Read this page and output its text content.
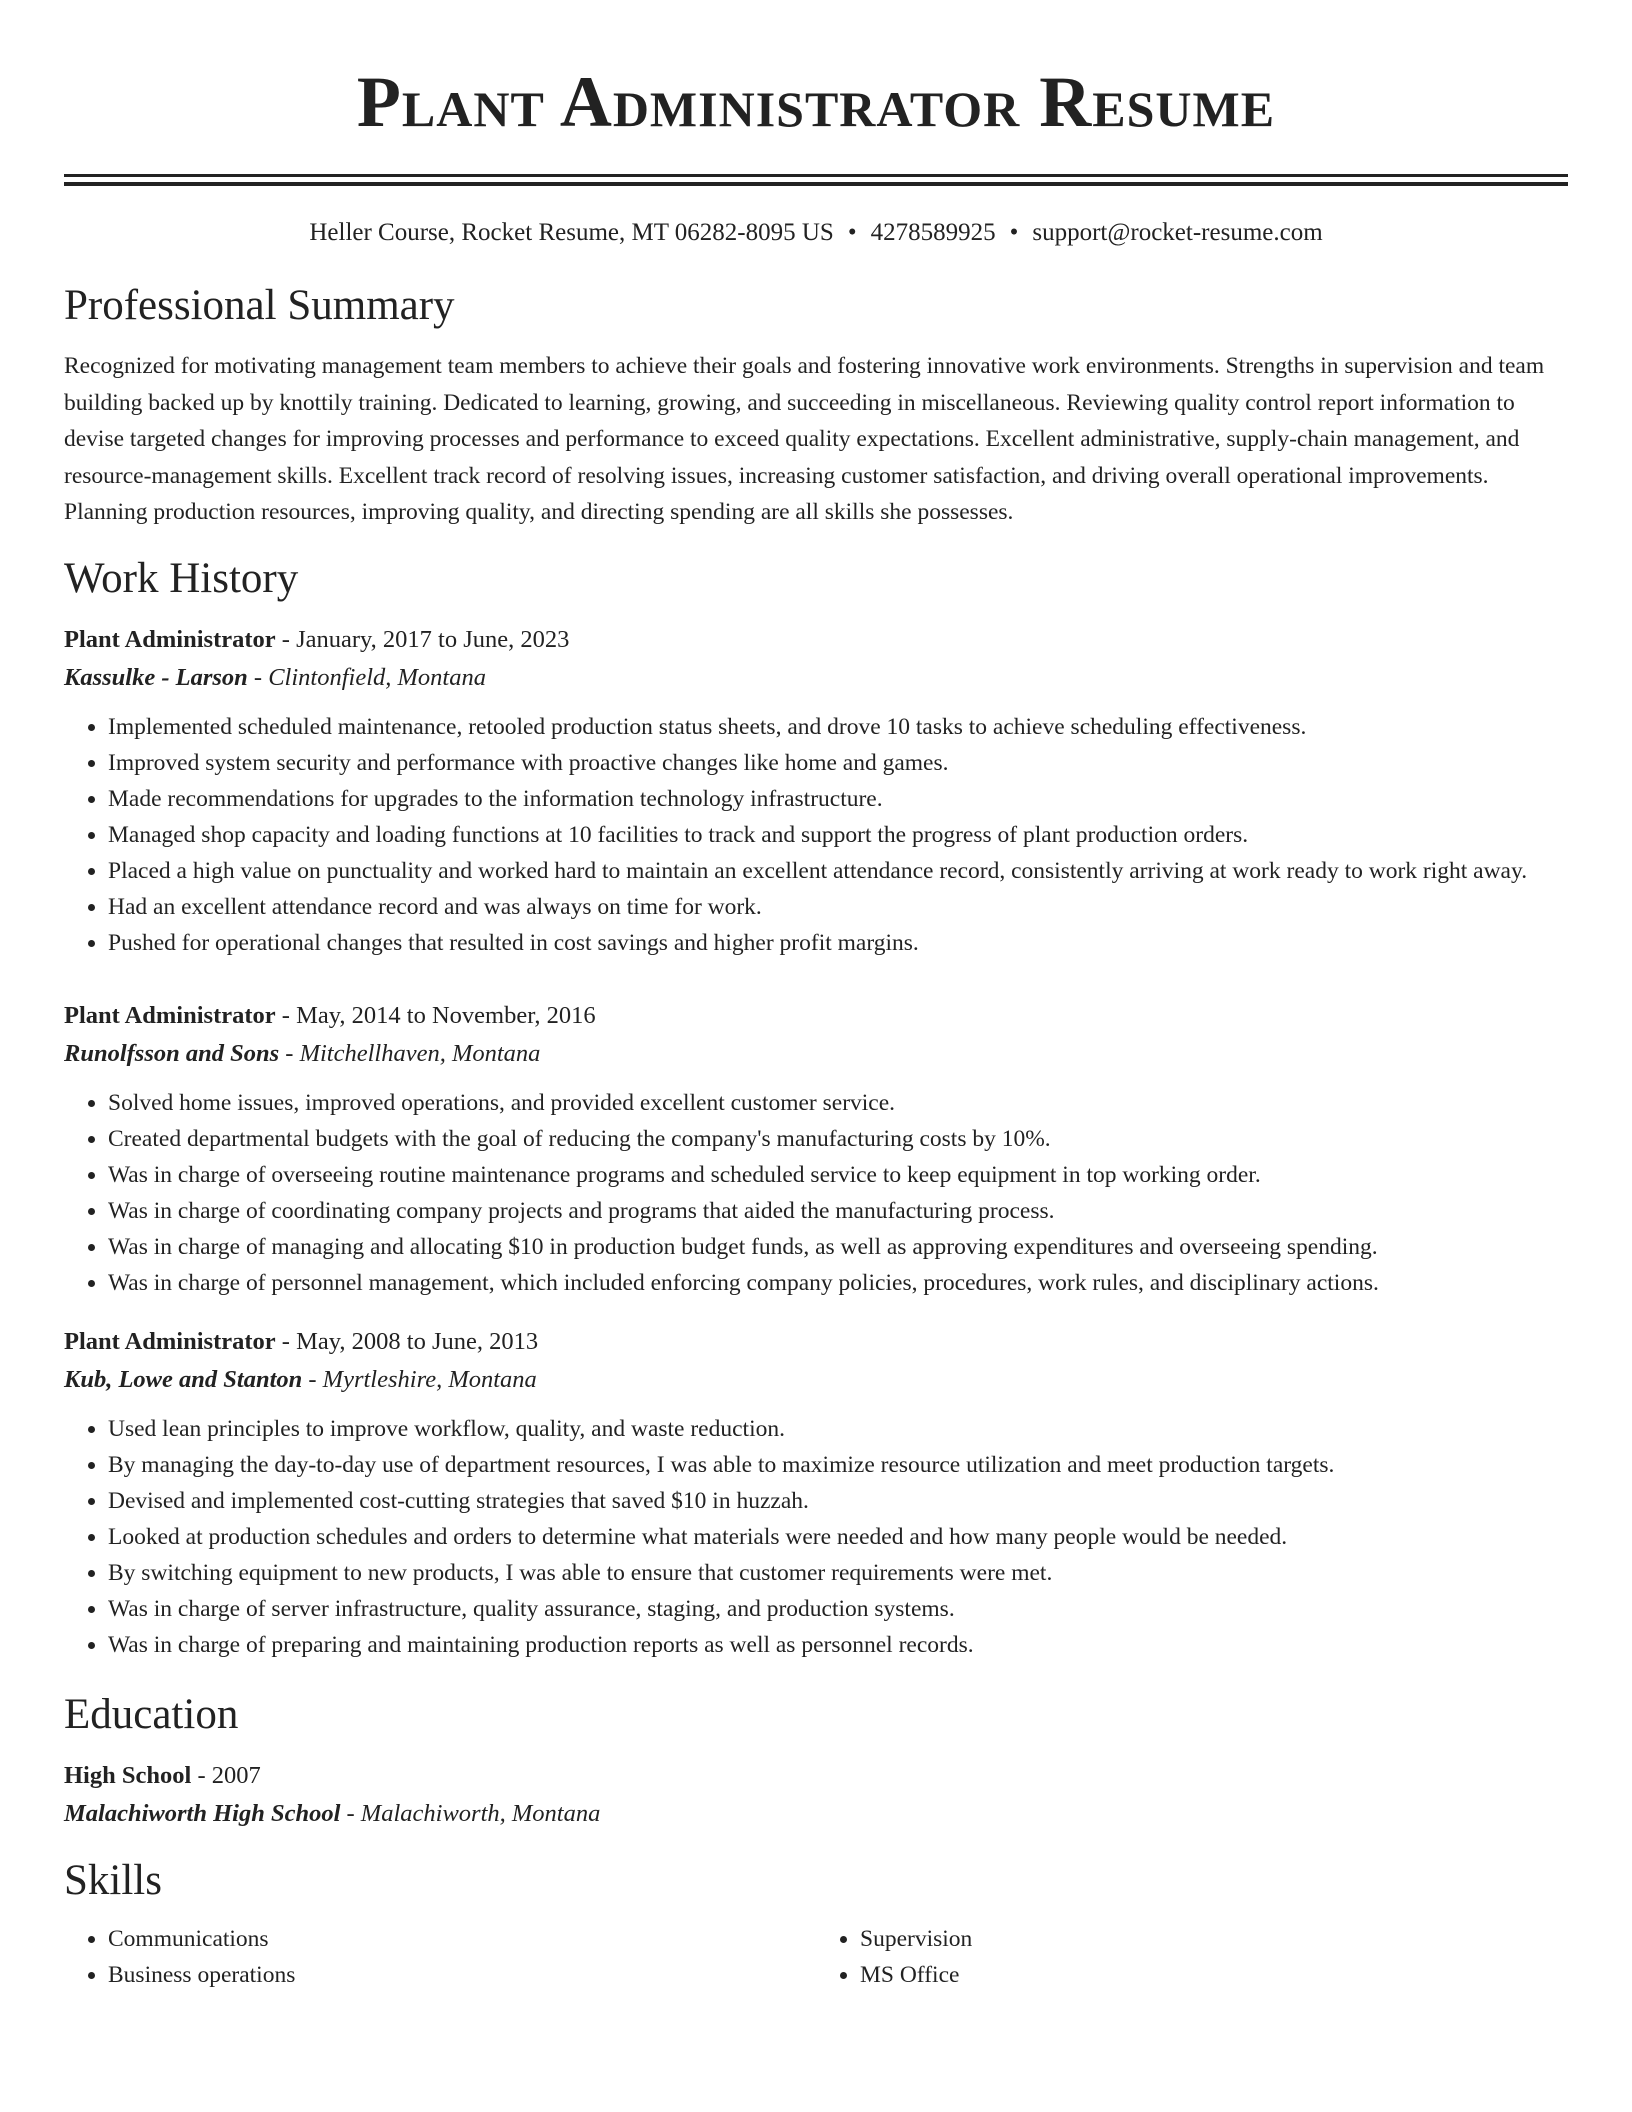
Plant Administrator Resume
Heller Course, Rocket Resume, MT 06282-8095 US • 4278589925 • support@rocket-resume.com
Professional Summary
Recognized for motivating management team members to achieve their goals and fostering innovative work environments. Strengths in supervision and team building backed up by knottily training. Dedicated to learning, growing, and succeeding in miscellaneous. Reviewing quality control report information to devise targeted changes for improving processes and performance to exceed quality expectations. Excellent administrative, supply-chain management, and resource-management skills. Excellent track record of resolving issues, increasing customer satisfaction, and driving overall operational improvements. Planning production resources, improving quality, and directing spending are all skills she possesses.
Work History
Plant Administrator - January, 2017 to June, 2023
Kassulke - Larson - Clintonfield, Montana
• Implemented scheduled maintenance, retooled production status sheets, and drove 10 tasks to achieve scheduling effectiveness.
• Improved system security and performance with proactive changes like home and games.
• Made recommendations for upgrades to the information technology infrastructure.
• Managed shop capacity and loading functions at 10 facilities to track and support the progress of plant production orders.
• Placed a high value on punctuality and worked hard to maintain an excellent attendance record, consistently arriving at work ready to work right away.
• Had an excellent attendance record and was always on time for work.
• Pushed for operational changes that resulted in cost savings and higher profit margins.
Plant Administrator - May, 2014 to November, 2016
Runolfsson and Sons - Mitchellhaven, Montana
• Solved home issues, improved operations, and provided excellent customer service.
• Created departmental budgets with the goal of reducing the company's manufacturing costs by 10%.
• Was in charge of overseeing routine maintenance programs and scheduled service to keep equipment in top working order.
• Was in charge of coordinating company projects and programs that aided the manufacturing process.
• Was in charge of managing and allocating $10 in production budget funds, as well as approving expenditures and overseeing spending.
• Was in charge of personnel management, which included enforcing company policies, procedures, work rules, and disciplinary actions.
Plant Administrator - May, 2008 to June, 2013
Kub, Lowe and Stanton - Myrtleshire, Montana
• Used lean principles to improve workflow, quality, and waste reduction.
• By managing the day-to-day use of department resources, I was able to maximize resource utilization and meet production targets.
• Devised and implemented cost-cutting strategies that saved $10 in huzzah.
• Looked at production schedules and orders to determine what materials were needed and how many people would be needed.
• By switching equipment to new products, I was able to ensure that customer requirements were met.
• Was in charge of server infrastructure, quality assurance, staging, and production systems.
• Was in charge of preparing and maintaining production reports as well as personnel records.
Education
High School - 2007
Malachiworth High School - Malachiworth, Montana
Skills
• Communications
• Business operations
• Supervision
• MS Office
